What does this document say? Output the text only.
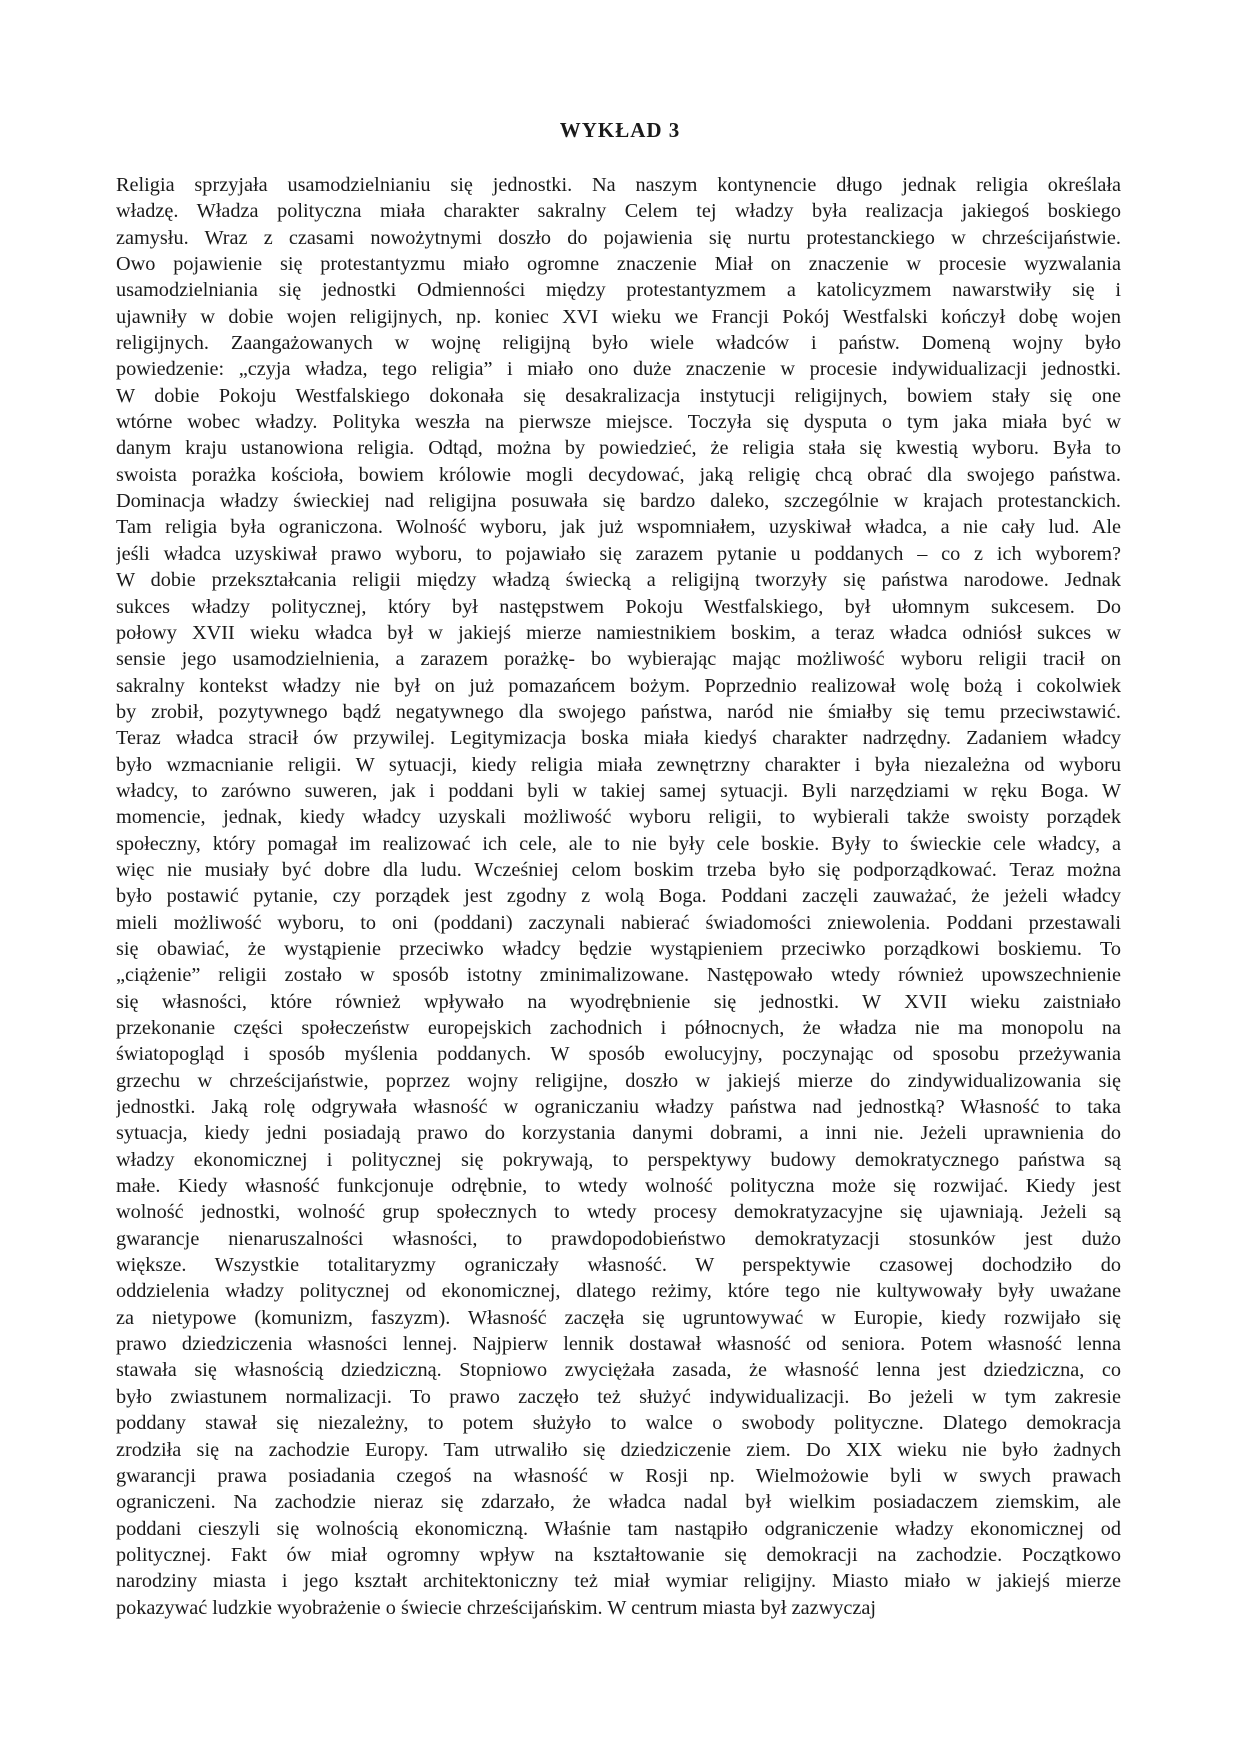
WYKŁAD 3
Religia sprzyjała usamodzielnianiu się jednostki. Na naszym kontynencie długo jednak religia określała
władzę. Władza polityczna miała charakter sakralny Celem tej władzy była realizacja jakiegoś boskiego
zamysłu. Wraz z czasami nowożytnymi doszło do pojawienia się nurtu protestanckiego w chrześcijaństwie.
Owo pojawienie się protestantyzmu miało ogromne znaczenie Miał on znaczenie w procesie wyzwalania
usamodzielniania się jednostki Odmienności między protestantyzmem a katolicyzmem nawarstwiły się i
ujawniły w dobie wojen religijnych, np. koniec XVI wieku we Francji Pokój Westfalski kończył dobę wojen
religijnych. Zaangażowanych w wojnę religijną było wiele władców i państw. Domeną wojny było
powiedzenie: „czyja władza, tego religia” i miało ono duże znaczenie w procesie indywidualizacji jednostki.
W dobie Pokoju Westfalskiego dokonała się desakralizacja instytucji religijnych, bowiem stały się one
wtórne wobec władzy. Polityka weszła na pierwsze miejsce. Toczyła się dysputa o tym jaka miała być w
danym kraju ustanowiona religia. Odtąd, można by powiedzieć, że religia stała się kwestią wyboru. Była to
swoista porażka kościoła, bowiem królowie mogli decydować, jaką religię chcą obrać dla swojego państwa.
Dominacja władzy świeckiej nad religijna posuwała się bardzo daleko, szczególnie w krajach protestanckich.
Tam religia była ograniczona. Wolność wyboru, jak już wspomniałem, uzyskiwał władca, a nie cały lud. Ale
jeśli władca uzyskiwał prawo wyboru, to pojawiało się zarazem pytanie u poddanych – co z ich wyborem?
W dobie przekształcania religii między władzą świecką a religijną tworzyły się państwa narodowe. Jednak
sukces władzy politycznej, który był następstwem Pokoju Westfalskiego, był ułomnym sukcesem. Do
połowy XVII wieku władca był w jakiejś mierze namiestnikiem boskim, a teraz władca odniósł sukces w
sensie jego usamodzielnienia, a zarazem porażkę- bo wybierając mając możliwość wyboru religii tracił on
sakralny kontekst władzy nie był on już pomazańcem bożym. Poprzednio realizował wolę bożą i cokolwiek
by zrobił, pozytywnego bądź negatywnego dla swojego państwa, naród nie śmiałby się temu przeciwstawić.
Teraz władca stracił ów przywilej. Legitymizacja boska miała kiedyś charakter nadrzędny. Zadaniem władcy
było wzmacnianie religii. W sytuacji, kiedy religia miała zewnętrzny charakter i była niezależna od wyboru
władcy, to zarówno suweren, jak i poddani byli w takiej samej sytuacji. Byli narzędziami w ręku Boga. W
momencie, jednak, kiedy władcy uzyskali możliwość wyboru religii, to wybierali także swoisty porządek
społeczny, który pomagał im realizować ich cele, ale to nie były cele boskie. Były to świeckie cele władcy, a
więc nie musiały być dobre dla ludu. Wcześniej celom boskim trzeba było się podporządkować. Teraz można
było postawić pytanie, czy porządek jest zgodny z wolą Boga. Poddani zaczęli zauważać, że jeżeli władcy
mieli możliwość wyboru, to oni (poddani) zaczynali nabierać świadomości zniewolenia. Poddani przestawali
się obawiać, że wystąpienie przeciwko władcy będzie wystąpieniem przeciwko porządkowi boskiemu. To
„ciążenie” religii zostało w sposób istotny zminimalizowane. Następowało wtedy również upowszechnienie
się własności, które również wpływało na wyodrębnienie się jednostki. W XVII wieku zaistniało
przekonanie części społeczeństw europejskich zachodnich i północnych, że władza nie ma monopolu na
światopogląd i sposób myślenia poddanych. W sposób ewolucyjny, poczynając od sposobu przeżywania
grzechu w chrześcijaństwie, poprzez wojny religijne, doszło w jakiejś mierze do zindywidualizowania się
jednostki. Jaką rolę odgrywała własność w ograniczaniu władzy państwa nad jednostką? Własność to taka
sytuacja, kiedy jedni posiadają prawo do korzystania danymi dobrami, a inni nie. Jeżeli uprawnienia do
władzy ekonomicznej i politycznej się pokrywają, to perspektywy budowy demokratycznego państwa są
małe. Kiedy własność funkcjonuje odrębnie, to wtedy wolność polityczna może się rozwijać. Kiedy jest
wolność jednostki, wolność grup społecznych to wtedy procesy demokratyzacyjne się ujawniają. Jeżeli są
gwarancje nienaruszalności własności, to prawdopodobieństwo demokratyzacji stosunków jest dużo
większe. Wszystkie totalitaryzmy ograniczały własność. W perspektywie czasowej dochodziło do
oddzielenia władzy politycznej od ekonomicznej, dlatego reżimy, które tego nie kultywowały były uważane
za nietypowe (komunizm, faszyzm). Własność zaczęła się ugruntowywać w Europie, kiedy rozwijało się
prawo dziedziczenia własności lennej. Najpierw lennik dostawał własność od seniora. Potem własność lenna
stawała się własnością dziedziczną. Stopniowo zwyciężała zasada, że własność lenna jest dziedziczna, co
było zwiastunem normalizacji. To prawo zaczęło też służyć indywidualizacji. Bo jeżeli w tym zakresie
poddany stawał się niezależny, to potem służyło to walce o swobody polityczne. Dlatego demokracja
zrodziła się na zachodzie Europy. Tam utrwaliło się dziedziczenie ziem. Do XIX wieku nie było żadnych
gwarancji prawa posiadania czegoś na własność w Rosji np. Wielmożowie byli w swych prawach
ograniczeni. Na zachodzie nieraz się zdarzało, że władca nadal był wielkim posiadaczem ziemskim, ale
poddani cieszyli się wolnością ekonomiczną. Właśnie tam nastąpiło odgraniczenie władzy ekonomicznej od
politycznej. Fakt ów miał ogromny wpływ na kształtowanie się demokracji na zachodzie. Początkowo
narodziny miasta i jego kształt architektoniczny też miał wymiar religijny. Miasto miało w jakiejś mierze
pokazywać ludzkie wyobrażenie o świecie chrześcijańskim. W centrum miasta był zazwyczaj
